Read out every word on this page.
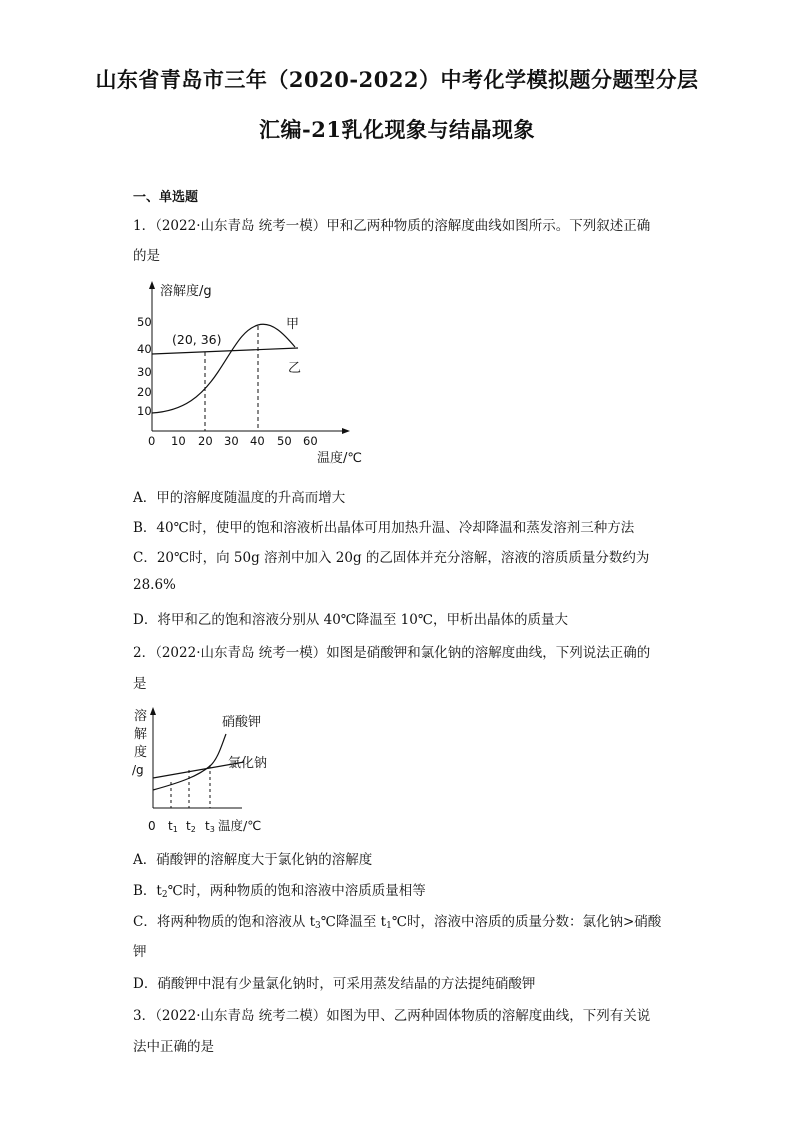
山东省青岛市三年（2020-2022）中考化学模拟题分题型分层
汇编-21乳化现象与结晶现象
一、单选题
1．（2022·山东青岛 统考一模）甲和乙两种物质的溶解度曲线如图所示。下列叙述正确
的是
溶解度/g
10
20
30
40
50
0 10 20 30 40 50 60
温度/℃
(20, 36)
甲
乙
A．甲的溶解度随温度的升高而增大
B．40℃时，使甲的饱和溶液析出晶体可用加热升温、冷却降温和蒸发溶剂三种方法
C．20℃时，向 50g 溶剂中加入 20g 的乙固体并充分溶解，溶液的溶质质量分数约为
28.6%
D．将甲和乙的饱和溶液分别从 40℃降温至 10℃，甲析出晶体的质量大
2．（2022·山东青岛 统考一模）如图是硝酸钾和氯化钠的溶解度曲线，下列说法正确的
是
溶
解
度
/g
硝酸钾
氯化钠
0 t1 t2 t3 温度/℃
A．硝酸钾的溶解度大于氯化钠的溶解度
B．$t_2℃$时，两种物质的饱和溶液中溶质质量相等
C．将两种物质的饱和溶液从 $t_3℃$降温至 $t_1℃$时，溶液中溶质的质量分数：氯化钠>硝酸
钾
D．硝酸钾中混有少量氯化钠时，可采用蒸发结晶的方法提纯硝酸钾
3．（2022·山东青岛 统考二模）如图为甲、乙两种固体物质的溶解度曲线，下列有关说
法中正确的是
